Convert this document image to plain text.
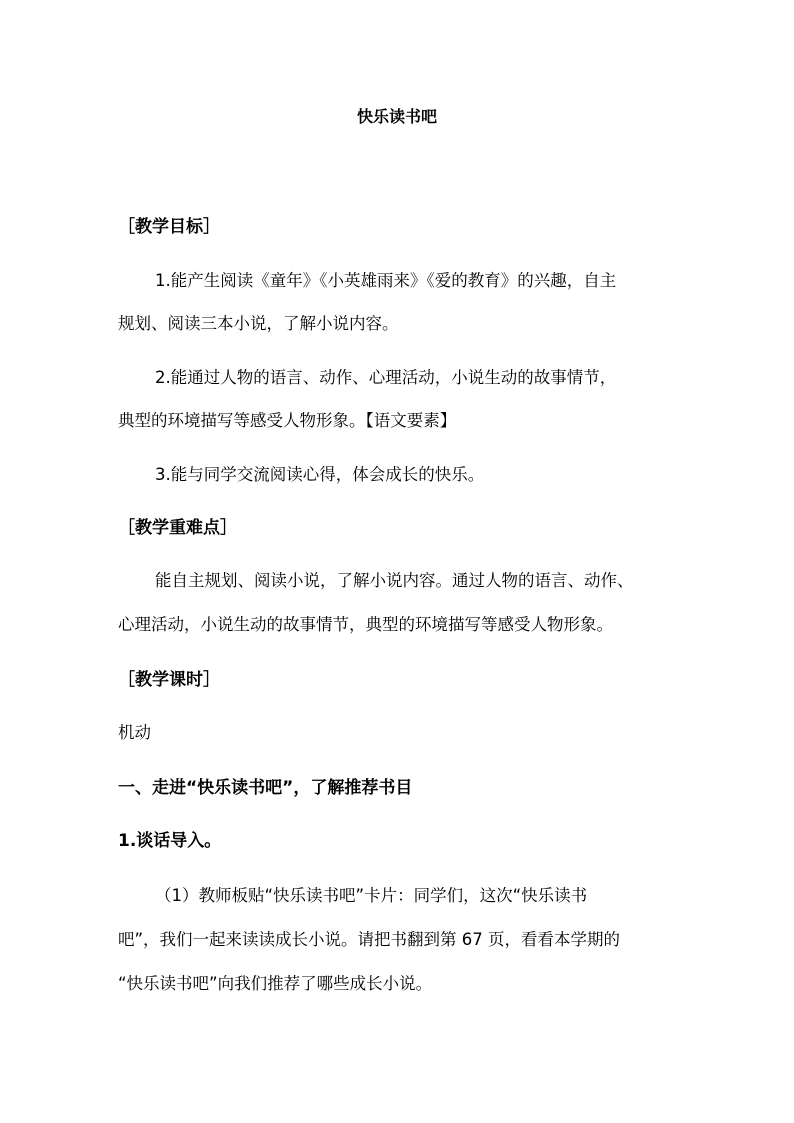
快乐读书吧
［教学目标］
1.能产生阅读《童年》《小英雄雨来》《爱的教育》的兴趣，自主
规划、阅读三本小说，了解小说内容。
2.能通过人物的语言、动作、心理活动，小说生动的故事情节，
典型的环境描写等感受人物形象。【语文要素】
3.能与同学交流阅读心得，体会成长的快乐。
［教学重难点］
能自主规划、阅读小说，了解小说内容。通过人物的语言、动作、
心理活动，小说生动的故事情节，典型的环境描写等感受人物形象。
［教学课时］
机动
一、走进“快乐读书吧”，了解推荐书目
1.谈话导入。
（1）教师板贴“快乐读书吧”卡片：同学们，这次“快乐读书
吧”，我们一起来读读成长小说。请把书翻到第 67 页，看看本学期的
“快乐读书吧”向我们推荐了哪些成长小说。
